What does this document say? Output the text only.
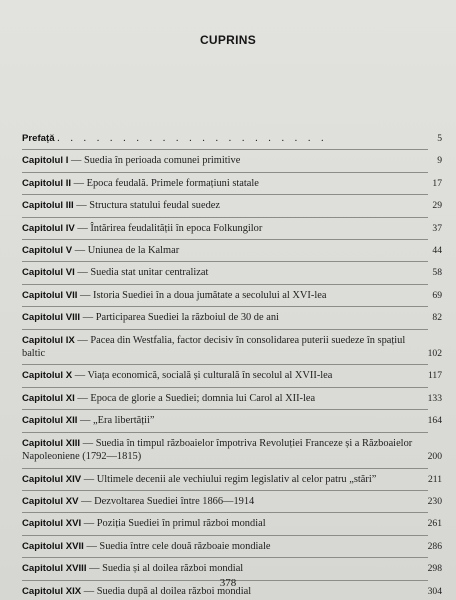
CUPRINS
Prefață . . . . . . . . . . . . . . . . . . . . .	5
Capitolul I — Suedia în perioada comunei primitive	9
Capitolul II — Epoca feudală. Primele formațiuni statale	17
Capitolul III — Structura statului feudal suedez	29
Capitolul IV — Întărirea feudalității în epoca Folkungilor	37
Capitolul V — Uniunea de la Kalmar	44
Capitolul VI — Suedia stat unitar centralizat	58
Capitolul VII — Istoria Suediei în a doua jumătate a secolului al XVI-lea	69
Capitolul VIII — Participarea Suediei la războiul de 30 de ani	82
Capitolul IX — Pacea din Westfalia, factor decisiv în consolidarea puterii suedeze în spațiul baltic	102
Capitolul X — Viața economică, socială și culturală în secolul al XVII-lea	117
Capitolul XI — Epoca de glorie a Suediei; domnia lui Carol al XII-lea	133
Capitolul XII — „Era libertății”	164
Capitolul XIII — Suedia în timpul războaielor împotriva Revoluției Franceze și a Războaielor Napoleoniene (1792—1815)	200
Capitolul XIV — Ultimele decenii ale vechiului regim legislativ al celor patru „stări”	211
Capitolul XV — Dezvoltarea Suediei între 1866—1914	230
Capitolul XVI — Poziția Suediei în primul război mondial	261
Capitolul XVII — Suedia între cele două războaie mondiale	286
Capitolul XVIII — Suedia și al doilea război mondial	298
Capitolul XIX — Suedia după al doilea război mondial	304
378
